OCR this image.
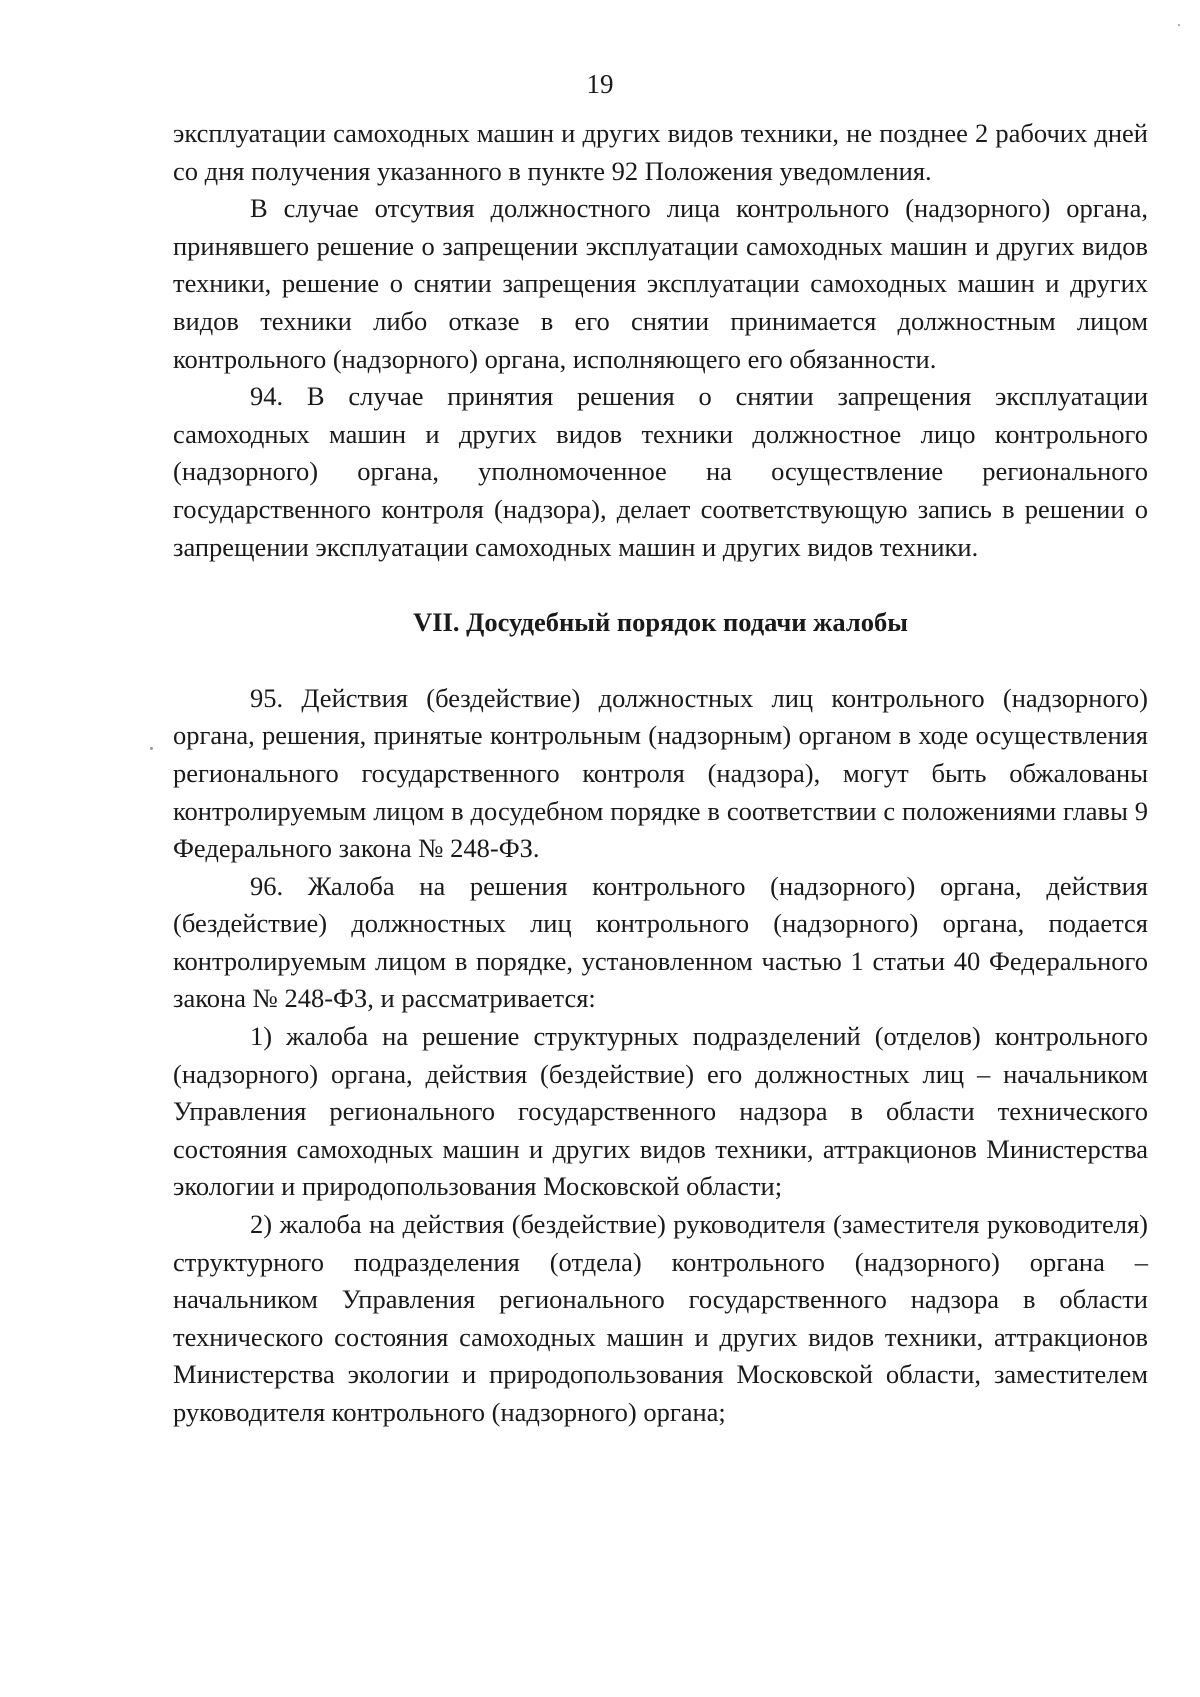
19

эксплуатации самоходных машин и других видов техники, не позднее 2 рабочих дней со дня получения указанного в пункте 92 Положения уведомления.

В случае отсутвия должностного лица контрольного (надзорного) органа, принявшего решение о запрещении эксплуатации самоходных машин и других видов техники, решение о снятии запрещения эксплуатации самоходных машин и других видов техники либо отказе в его снятии принимается должностным лицом контрольного (надзорного) органа, исполняющего его обязанности.

94. В случае принятия решения о снятии запрещения эксплуатации самоходных машин и других видов техники должностное лицо контрольного (надзорного) органа, уполномоченное на осуществление регионального государственного контроля (надзора), делает соответствующую запись в решении о запрещении эксплуатации самоходных машин и других видов техники.

VII. Досудебный порядок подачи жалобы

95. Действия (бездействие) должностных лиц контрольного (надзорного) органа, решения, принятые контрольным (надзорным) органом в ходе осуществления регионального государственного контроля (надзора), могут быть обжалованы контролируемым лицом в досудебном порядке в соответствии с положениями главы 9 Федерального закона № 248-ФЗ.

96. Жалоба на решения контрольного (надзорного) органа, действия (бездействие) должностных лиц контрольного (надзорного) органа, подается контролируемым лицом в порядке, установленном частью 1 статьи 40 Федерального закона № 248-ФЗ, и рассматривается:

1) жалоба на решение структурных подразделений (отделов) контрольного (надзорного) органа, действия (бездействие) его должностных лиц – начальником Управления регионального государственного надзора в области технического состояния самоходных машин и других видов техники, аттракционов Министерства экологии и природопользования Московской области;

2) жалоба на действия (бездействие) руководителя (заместителя руководителя) структурного подразделения (отдела) контрольного (надзорного) органа – начальником Управления регионального государственного надзора в области технического состояния самоходных машин и других видов техники, аттракционов Министерства экологии и природопользования Московской области, заместителем руководителя контрольного (надзорного) органа;
